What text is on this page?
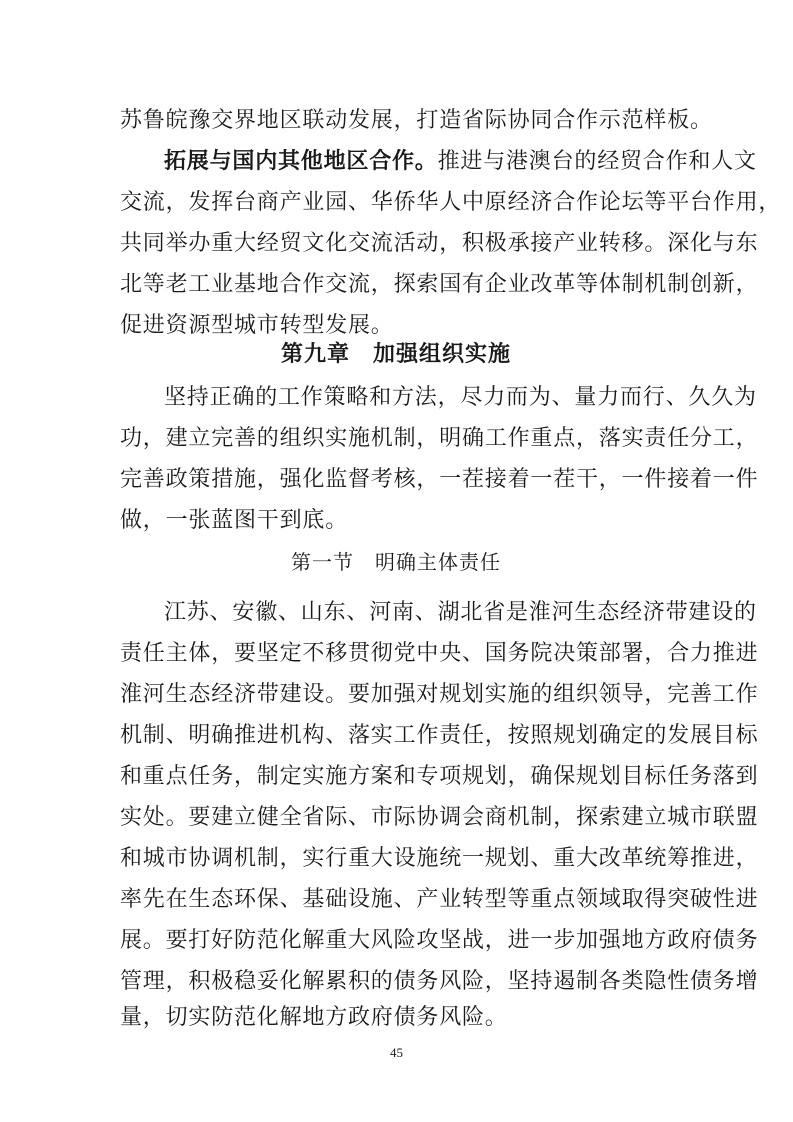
苏鲁皖豫交界地区联动发展，打造省际协同合作示范样板。
拓展与国内其他地区合作。推进与港澳台的经贸合作和人文
交流，发挥台商产业园、华侨华人中原经济合作论坛等平台作用，
共同举办重大经贸文化交流活动，积极承接产业转移。深化与东
北等老工业基地合作交流，探索国有企业改革等体制机制创新，
促进资源型城市转型发展。
第九章　加强组织实施
坚持正确的工作策略和方法，尽力而为、量力而行、久久为
功，建立完善的组织实施机制，明确工作重点，落实责任分工，
完善政策措施，强化监督考核，一茬接着一茬干，一件接着一件
做，一张蓝图干到底。
第一节　明确主体责任
江苏、安徽、山东、河南、湖北省是淮河生态经济带建设的
责任主体，要坚定不移贯彻党中央、国务院决策部署，合力推进
淮河生态经济带建设。要加强对规划实施的组织领导，完善工作
机制、明确推进机构、落实工作责任，按照规划确定的发展目标
和重点任务，制定实施方案和专项规划，确保规划目标任务落到
实处。要建立健全省际、市际协调会商机制，探索建立城市联盟
和城市协调机制，实行重大设施统一规划、重大改革统筹推进，
率先在生态环保、基础设施、产业转型等重点领域取得突破性进
展。要打好防范化解重大风险攻坚战，进一步加强地方政府债务
管理，积极稳妥化解累积的债务风险，坚持遏制各类隐性债务增
量，切实防范化解地方政府债务风险。
45
